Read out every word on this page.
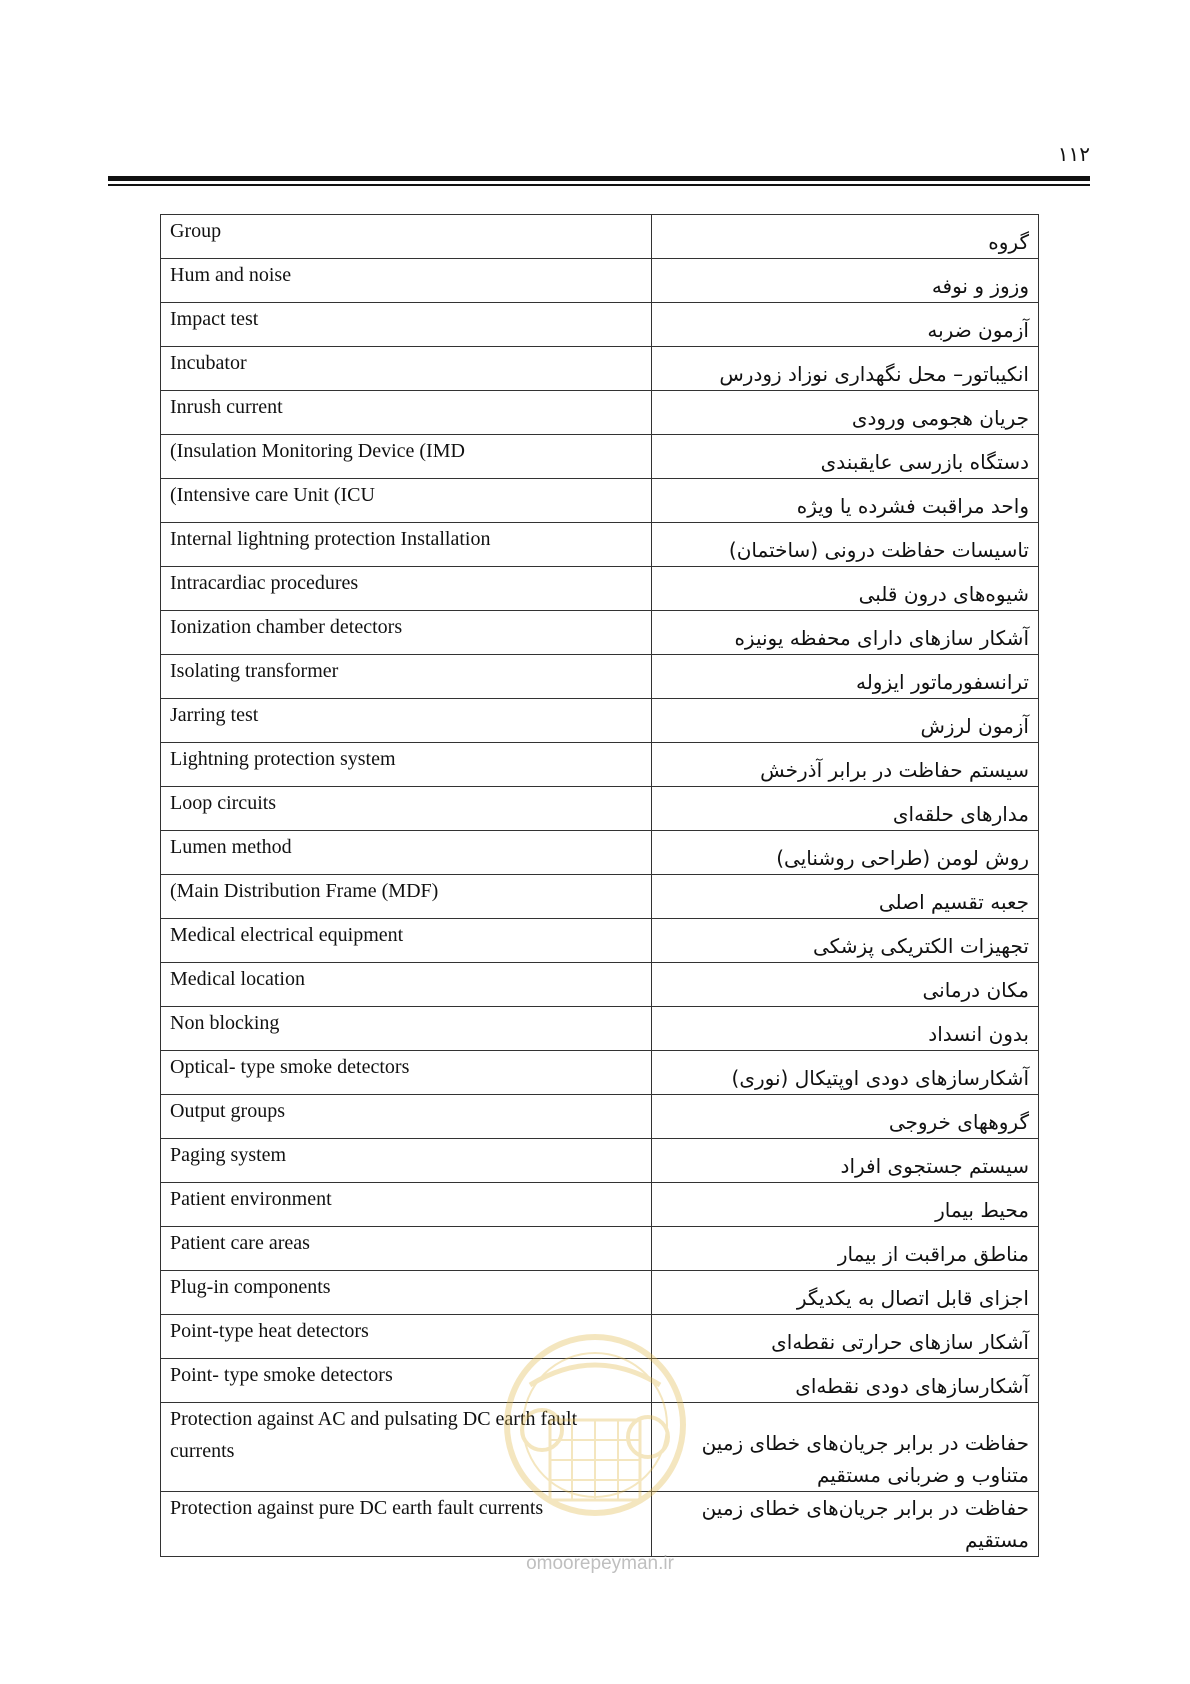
۱۱۲
Group	گروه
Hum and noise	وزوز و نوفه
Impact test	آزمون ضربه
Incubator	انکیباتور– محل نگهداری نوزاد زودرس
Inrush current	جریان هجومی ورودی
(Insulation Monitoring Device (IMD	دستگاه بازرسی عایقبندی
(Intensive care Unit (ICU	واحد مراقبت فشرده یا ویژه
Internal lightning protection Installation	تاسیسات حفاظت درونی (ساختمان)
Intracardiac procedures	شیوه‌های درون قلبی
Ionization chamber detectors	آشکار سازهای دارای محفظه یونیزه
Isolating transformer	ترانسفورماتور ایزوله
Jarring test	آزمون لرزش
Lightning protection system	سیستم حفاظت در برابر آذرخش
Loop circuits	مدارهای حلقه‌ای
Lumen method	روش لومن (طراحی روشنایی)
(Main Distribution Frame (MDF)	جعبه تقسیم اصلی
Medical electrical equipment	تجهیزات الکتریکی پزشکی
Medical location	مکان درمانی
Non blocking	بدون انسداد
Optical- type smoke detectors	آشکارسازهای دودی اوپتیکال (نوری)
Output groups	گروههای خروجی
Paging system	سیستم جستجوی افراد
Patient environment	محیط بیمار
Patient care areas	مناطق مراقبت از بیمار
Plug-in components	اجزای قابل اتصال به یکدیگر
Point-type heat detectors	آشکار سازهای حرارتی نقطه‌ای
Point- type smoke detectors	آشکارسازهای دودی نقطه‌ای
Protection against AC and pulsating DC earth fault currents	حفاظت در برابر جریان‌های خطای زمین متناوب و ضربانی مستقیم
Protection against pure DC earth fault currents	حفاظت در برابر جریان‌های خطای زمین مستقیم
omoorepeyman.ir
